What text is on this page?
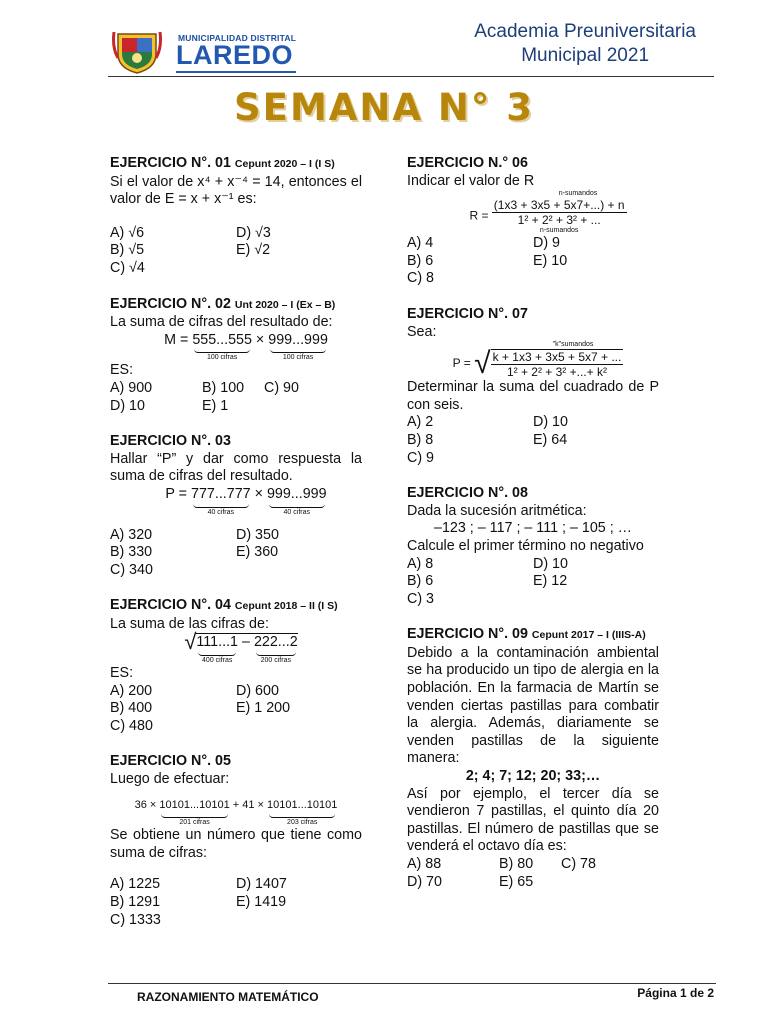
MUNICIPALIDAD DISTRITAL
LAREDO
Academia Preuniversitaria
Municipal 2021
SEMANA N° 3
EJERCICIO N°. 01 Cepunt 2020 – I (I S)
Si el valor de x⁴ + x⁻⁴ = 14, entonces el valor de E = x + x⁻¹ es:
A) √6	D) √3
B) √5	E) √2
C) √4
EJERCICIO N°. 02 Unt 2020 – I (Ex – B)
La suma de cifras del resultado de:
M = 555...555
100 cifras
× 999...999
100 cifras
ES:
A) 900	B) 100	C) 90
D) 10	E) 1
EJERCICIO N°. 03
Hallar “P” y dar como respuesta la suma de cifras del resultado.
P = 777...777
40 cifras
× 999...999
40 cifras
A) 320	D) 350
B) 330	E) 360
C) 340
EJERCICIO N°. 04 Cepunt 2018 – II (I S)
La suma de las cifras de:
√ 111...1
400 cifras
– 222...2
200 cifras
ES:
A) 200	D) 600
B) 400	E) 1 200
C) 480
EJERCICIO N°. 05
Luego de efectuar:
36 × 10101...10101
201 cifras
+ 41 × 10101...10101
203 cifras
Se obtiene un número que tiene como suma de cifras:
A) 1225	D) 1407
B) 1291	E) 1419
C) 1333
EJERCICIO N.° 06
Indicar el valor de R
n-sumandos
R =
(1x3 + 3x5 + 5x7+...) + n
1² + 2² + 3² + ...
n-sumandos
A) 4	D) 9
B) 6	E) 10
C) 8
EJERCICIO N°. 07
Sea:
"k"sumandos
P = √ $\frac{k + 1x3 + 3x5 + 5x7 + ...}{\text{1² + 2² + 3² +...+ k²}}$
Determinar la suma del cuadrado de P con seis.
A) 2	D) 10
B) 8	E) 64
C) 9
EJERCICIO N°. 08
Dada la sucesión aritmética:
–123 ; – 117 ; – 111 ; – 105 ; …
Calcule el primer término no negativo
A) 8	D) 10
B) 6	E) 12
C) 3
EJERCICIO N°. 09 Cepunt 2017 – I (IIIS-A)
Debido a la contaminación ambiental se ha producido un tipo de alergia en la población. En la farmacia de Martín se venden ciertas pastillas para combatir la alergia. Además, diariamente se venden pastillas de la siguiente manera:
2; 4; 7; 12; 20; 33;…
Así por ejemplo, el tercer día se vendieron 7 pastillas, el quinto día 20 pastillas. El número de pastillas que se venderá el octavo día es:
A) 88	B) 80	C) 78
D) 70	E) 65
RAZONAMIENTO MATEMÁTICO	Página 1 de 2
